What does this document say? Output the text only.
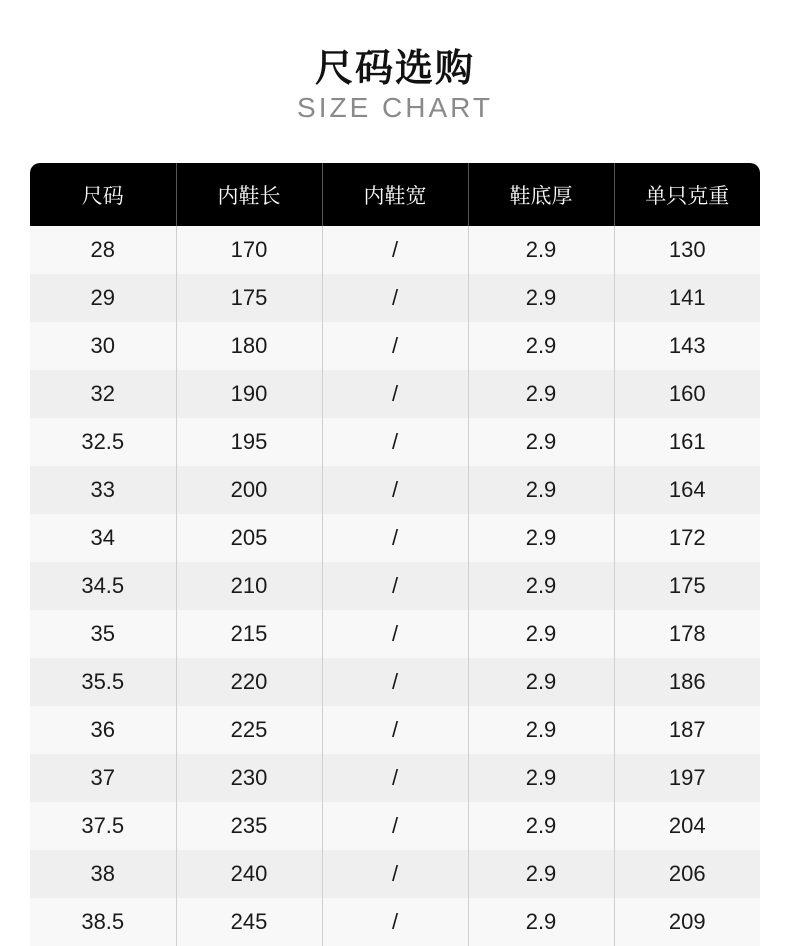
尺码选购
SIZE CHART
尺码	内鞋长	内鞋宽	鞋底厚	单只克重
28	170	/	2.9	130
29	175	/	2.9	141
30	180	/	2.9	143
32	190	/	2.9	160
32.5	195	/	2.9	161
33	200	/	2.9	164
34	205	/	2.9	172
34.5	210	/	2.9	175
35	215	/	2.9	178
35.5	220	/	2.9	186
36	225	/	2.9	187
37	230	/	2.9	197
37.5	235	/	2.9	204
38	240	/	2.9	206
38.5	245	/	2.9	209
